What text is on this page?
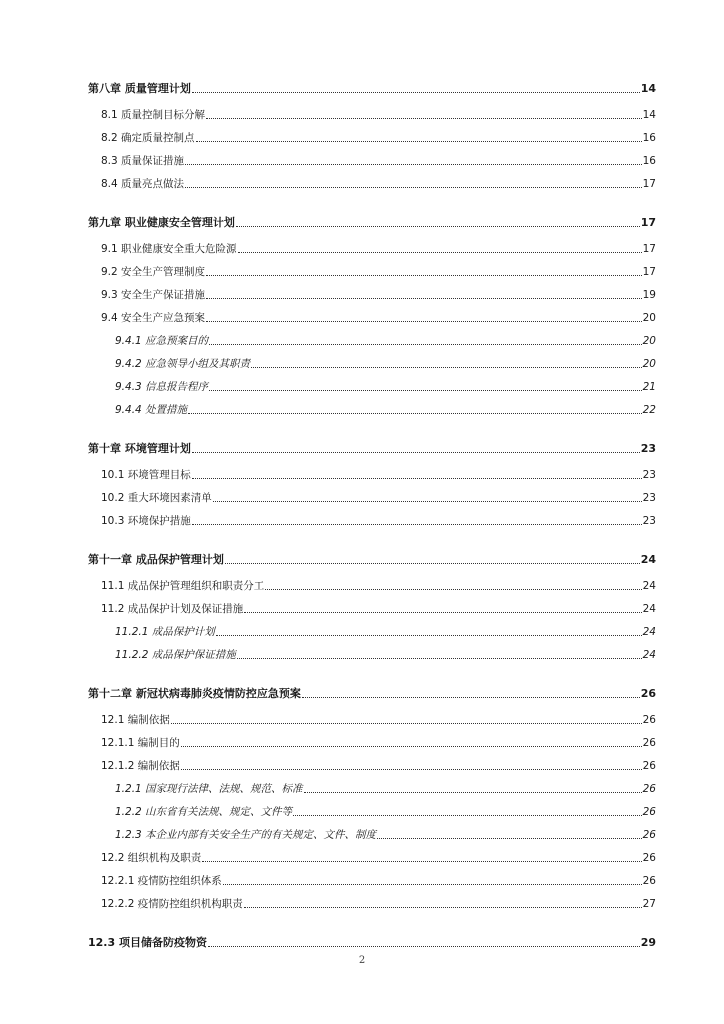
第八章 质量管理计划	14
8.1 质量控制目标分解	14
8.2 确定质量控制点	16
8.3 质量保证措施	16
8.4 质量亮点做法	17
第九章 职业健康安全管理计划	17
9.1 职业健康安全重大危险源	17
9.2 安全生产管理制度	17
9.3 安全生产保证措施	19
9.4 安全生产应急预案	20
9.4.1 应急预案目的	20
9.4.2 应急领导小组及其职责	20
9.4.3 信息报告程序	21
9.4.4 处置措施	22
第十章 环境管理计划	23
10.1 环境管理目标	23
10.2 重大环境因素清单	23
10.3 环境保护措施	23
第十一章 成品保护管理计划	24
11.1 成品保护管理组织和职责分工	24
11.2 成品保护计划及保证措施	24
11.2.1 成品保护计划	24
11.2.2 成品保护保证措施	24
第十二章 新冠状病毒肺炎疫情防控应急预案	26
12.1 编制依据	26
12.1.1 编制目的	26
12.1.2 编制依据	26
1.2.1 国家现行法律、法规、规范、标准	26
1.2.2 山东省有关法规、规定、文件等	26
1.2.3 本企业内部有关安全生产的有关规定、文件、制度	26
12.2 组织机构及职责	26
12.2.1 疫情防控组织体系	26
12.2.2 疫情防控组织机构职责	27
12.3 项目储备防疫物资	29
2
